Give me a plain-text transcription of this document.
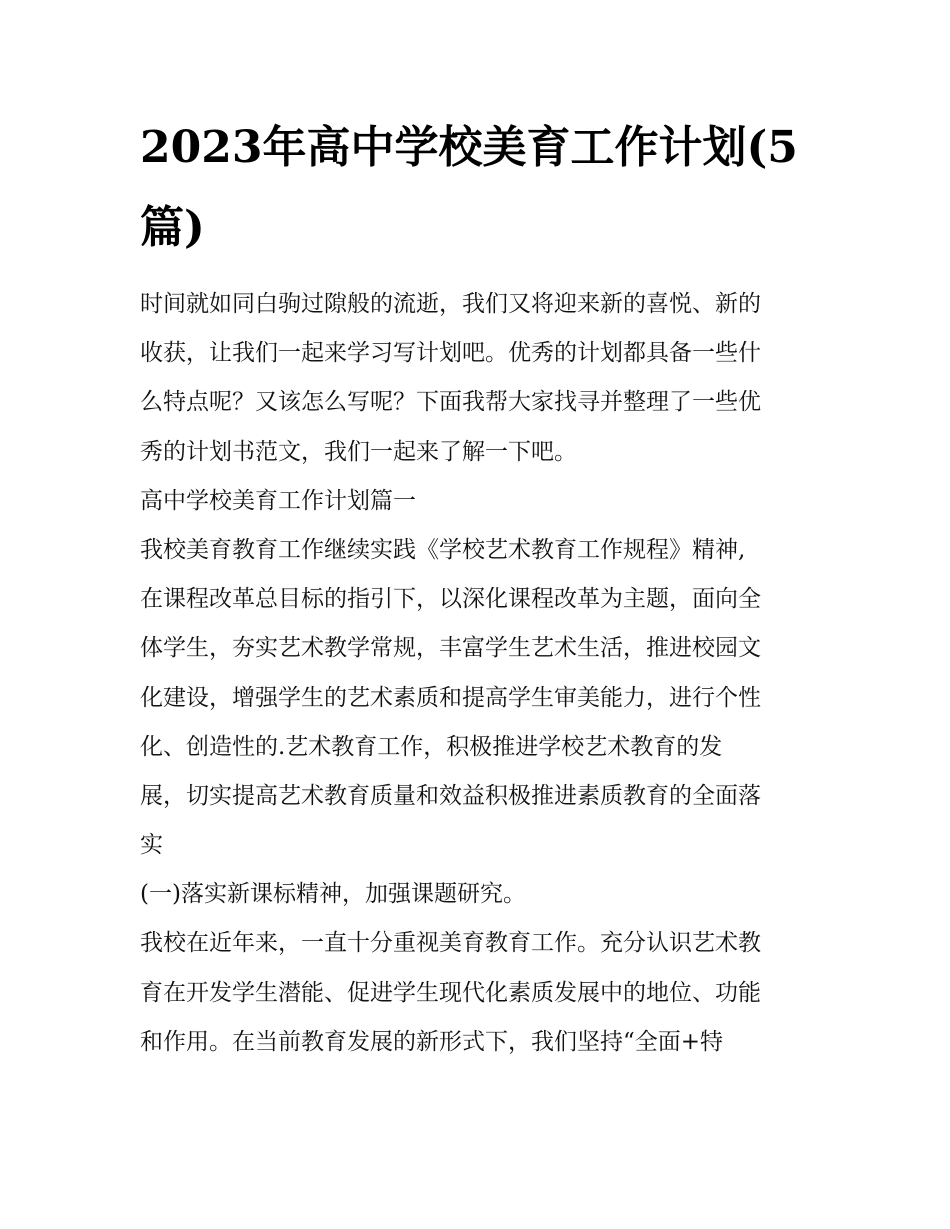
2023年高中学校美育工作计划(5篇)
时间就如同白驹过隙般的流逝，我们又将迎来新的喜悦、新的
收获，让我们一起来学习写计划吧。优秀的计划都具备一些什
么特点呢？又该怎么写呢？下面我帮大家找寻并整理了一些优
秀的计划书范文，我们一起来了解一下吧。
高中学校美育工作计划篇一
我校美育教育工作继续实践《学校艺术教育工作规程》精神,
在课程改革总目标的指引下，以深化课程改革为主题，面向全
体学生，夯实艺术教学常规，丰富学生艺术生活，推进校园文
化建设，增强学生的艺术素质和提高学生审美能力，进行个性
化、创造性的.艺术教育工作，积极推进学校艺术教育的发
展，切实提高艺术教育质量和效益积极推进素质教育的全面落
实
(一)落实新课标精神，加强课题研究。
我校在近年来，一直十分重视美育教育工作。充分认识艺术教
育在开发学生潜能、促进学生现代化素质发展中的地位、功能
和作用。在当前教育发展的新形式下，我们坚持“全面+特
